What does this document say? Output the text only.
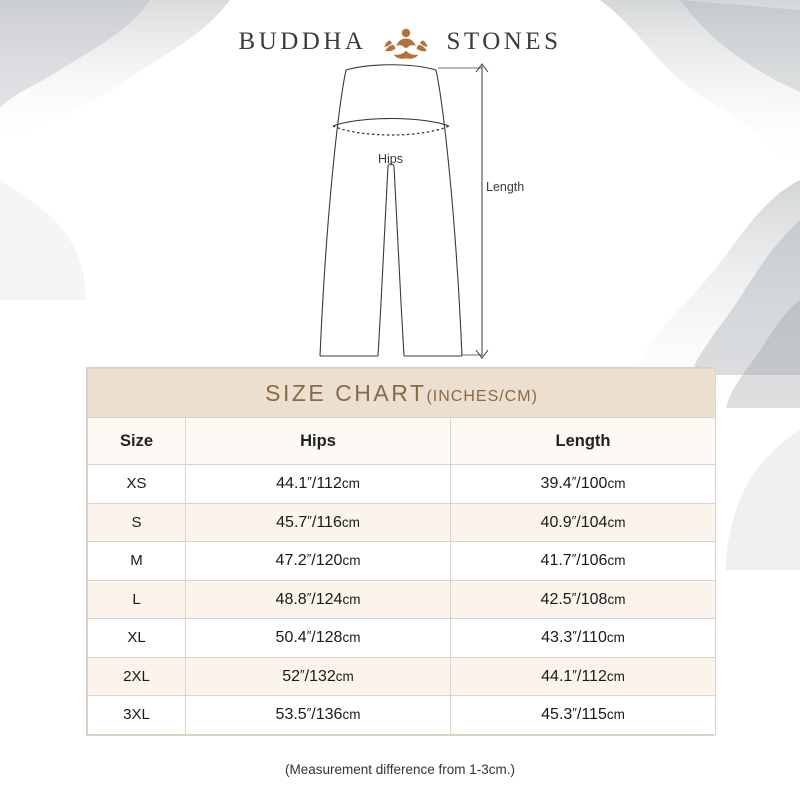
BUDDHA	STONES
Hips
Length
SIZE CHART(INCHES/CM)		
Size	Hips	Length
XS	44.1″/112cm	39.4″/100cm
S	45.7″/116cm	40.9″/104cm
M	47.2″/120cm	41.7″/106cm
L	48.8″/124cm	42.5″/108cm
XL	50.4″/128cm	43.3″/110cm
2XL	52″/132cm	44.1″/112cm
3XL	53.5″/136cm	45.3″/115cm
(Measurement difference from 1-3cm.)
